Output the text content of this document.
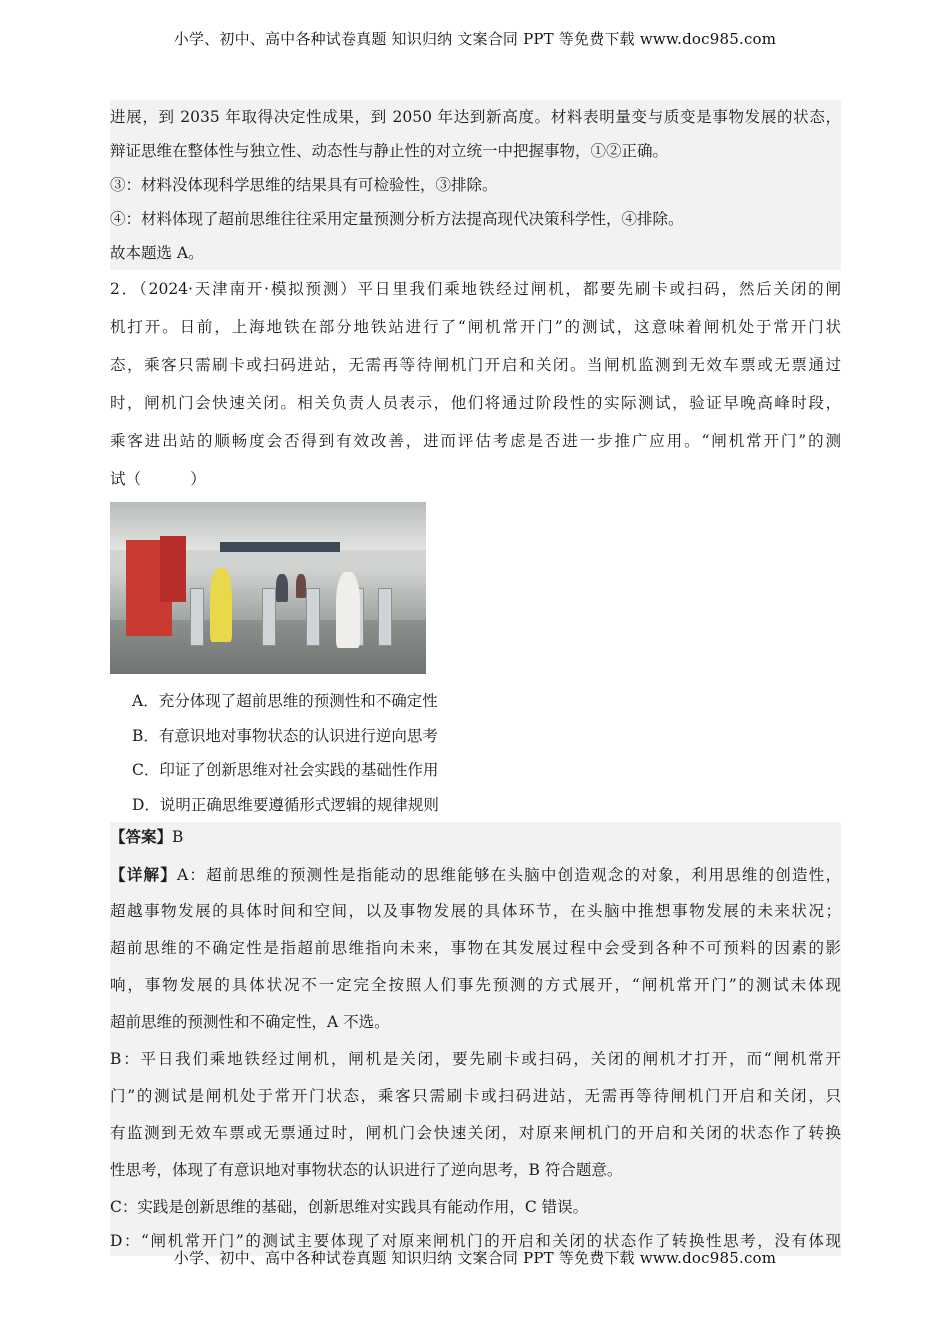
小学、初中、高中各种试卷真题 知识归纳 文案合同 PPT 等免费下载 www.doc985.com
进展，到 2035 年取得决定性成果，到 2050 年达到新高度。材料表明量变与质变是事物发展的状态，
辩证思维在整体性与独立性、动态性与静止性的对立统一中把握事物，①②正确。
③：材料没体现科学思维的结果具有可检验性，③排除。
④：材料体现了超前思维往往采用定量预测分析方法提高现代决策科学性，④排除。
故本题选 A。
2．（2024·天津南开·模拟预测）平日里我们乘地铁经过闸机，都要先刷卡或扫码，然后关闭的闸
机打开。日前，上海地铁在部分地铁站进行了“闸机常开门”的测试，这意味着闸机处于常开门状
态，乘客只需刷卡或扫码进站，无需再等待闸机门开启和关闭。当闸机监测到无效车票或无票通过
时，闸机门会快速关闭。相关负责人员表示，他们将通过阶段性的实际测试，验证早晚高峰时段，
乘客进出站的顺畅度会否得到有效改善，进而评估考虑是否进一步推广应用。“闸机常开门”的测
试（          ）
A．充分体现了超前思维的预测性和不确定性
B．有意识地对事物状态的认识进行逆向思考
C．印证了创新思维对社会实践的基础性作用
D．说明正确思维要遵循形式逻辑的规律规则
【答案】B
【详解】A：超前思维的预测性是指能动的思维能够在头脑中创造观念的对象，利用思维的创造性，
超越事物发展的具体时间和空间，以及事物发展的具体环节，在头脑中推想事物发展的未来状况；
超前思维的不确定性是指超前思维指向未来，事物在其发展过程中会受到各种不可预料的因素的影
响，事物发展的具体状况不一定完全按照人们事先预测的方式展开，“闸机常开门”的测试未体现
超前思维的预测性和不确定性，A 不选。
B：平日我们乘地铁经过闸机，闸机是关闭，要先刷卡或扫码，关闭的闸机才打开，而“闸机常开
门”的测试是闸机处于常开门状态，乘客只需刷卡或扫码进站，无需再等待闸机门开启和关闭，只
有监测到无效车票或无票通过时，闸机门会快速关闭，对原来闸机门的开启和关闭的状态作了转换
性思考，体现了有意识地对事物状态的认识进行了逆向思考，B 符合题意。
C：实践是创新思维的基础，创新思维对实践具有能动作用，C 错误。
D：“闸机常开门”的测试主要体现了对原来闸机门的开启和关闭的状态作了转换性思考，没有体现
小学、初中、高中各种试卷真题 知识归纳 文案合同 PPT 等免费下载 www.doc985.com
